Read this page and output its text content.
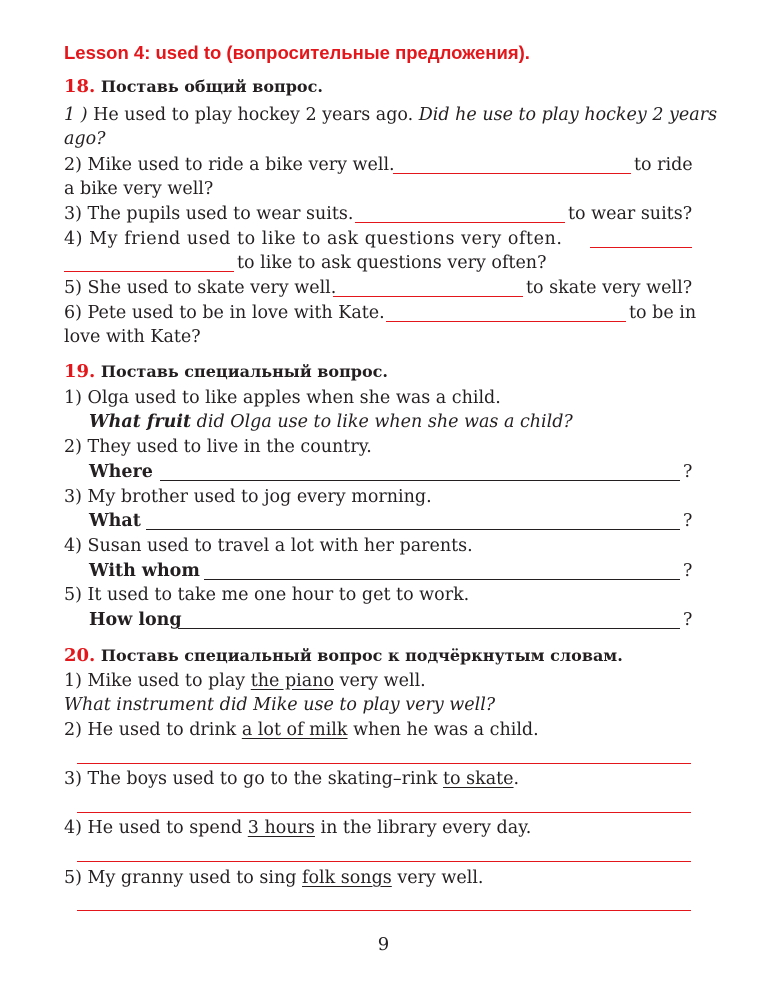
Lesson 4: used to (вопросительные предложения).
18. Поставь общий вопрос.
1 ) He used to play hockey 2 years ago. Did he use to play hockey 2 years
ago?
2) Mike used to ride a bike very well.	to ride
a bike very well?
3) The pupils used to wear suits.	to wear suits?
4) My friend used to like to ask questions very often.
to like to ask questions very often?
5) She used to skate very well.	to skate very well?
6) Pete used to be in love with Kate.	to be in
love with Kate?
19. Поставь специальный вопрос.
1) Olga used to like apples when she was a child.
What fruit did Olga use to like when she was a child?
2) They used to live in the country.
Where	?
3) My brother used to jog every morning.
What	?
4) Susan used to travel a lot with her parents.
With whom	?
5) It used to take me one hour to get to work.
How long	?
20. Поставь специальный вопрос к подчёркнутым словам.
1) Mike used to play the piano very well.
What instrument did Mike use to play very well?
2) He used to drink a lot of milk when he was a child.
3) The boys used to go to the skating–rink to skate.
4) He used to spend 3 hours in the library every day.
5) My granny used to sing folk songs very well.
9
